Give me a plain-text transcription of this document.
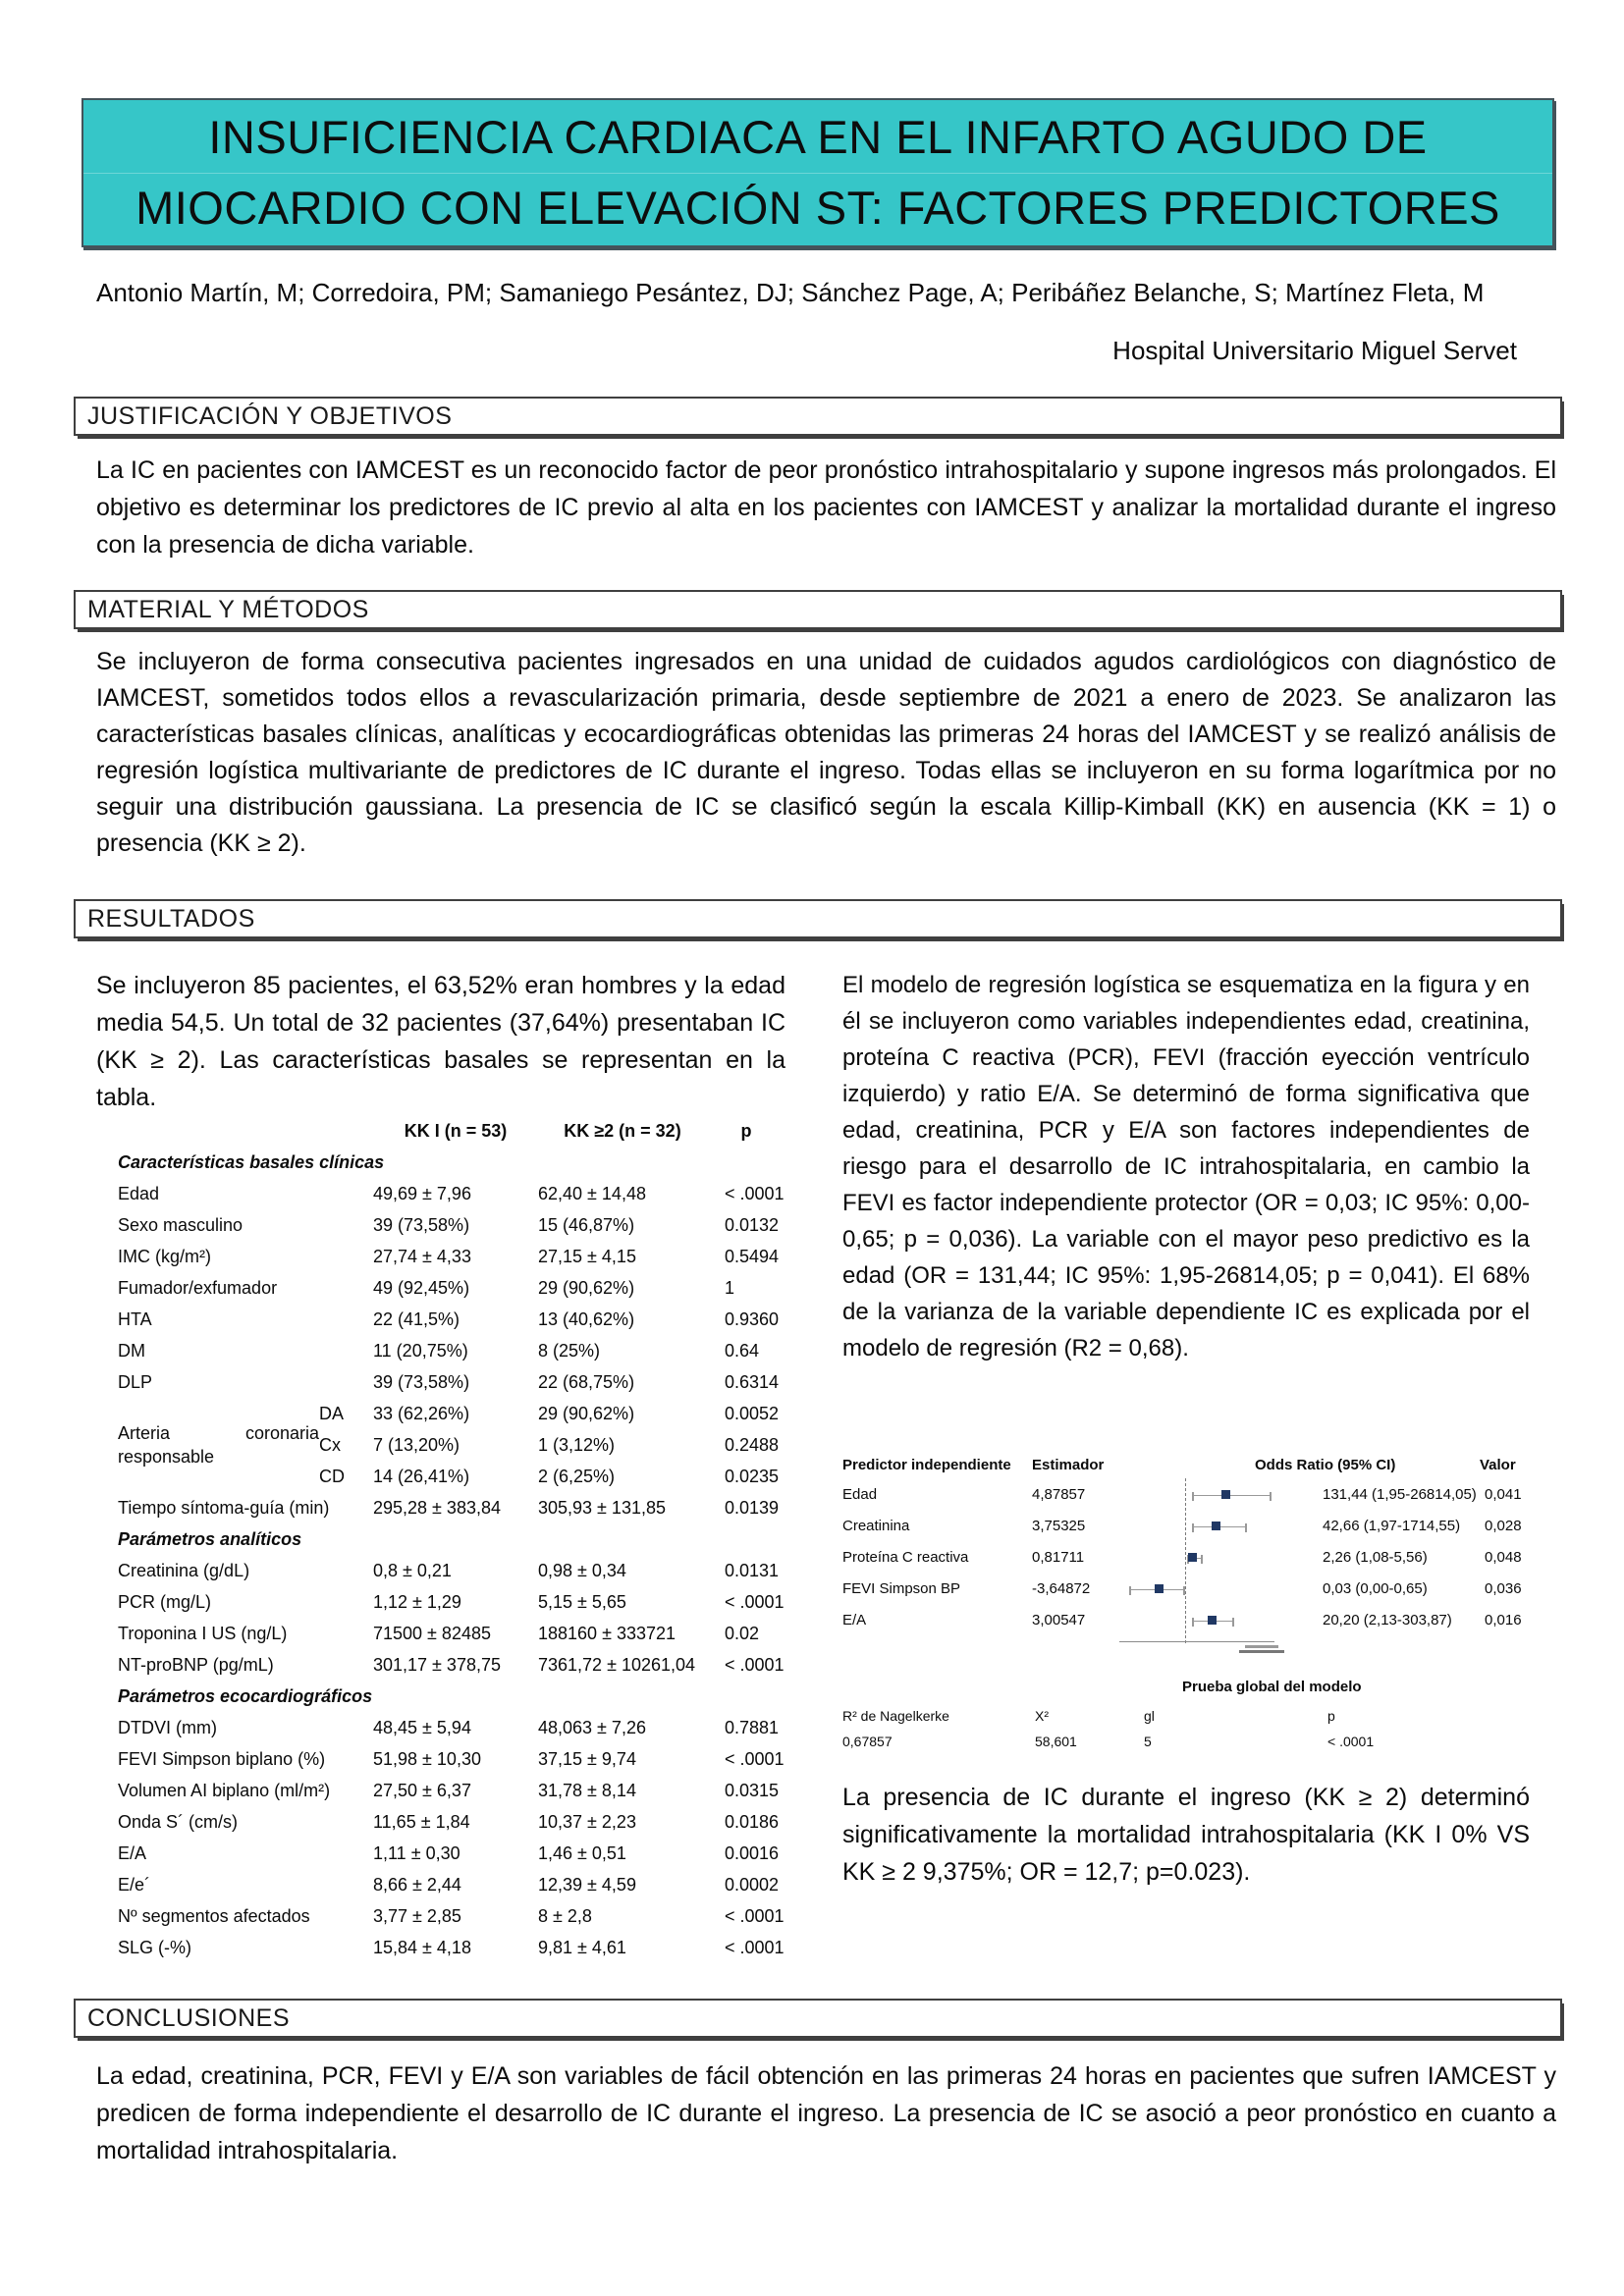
INSUFICIENCIA CARDIACA EN EL INFARTO AGUDO DE
MIOCARDIO CON ELEVACIÓN ST: FACTORES PREDICTORES
Antonio Martín, M; Corredoira, PM; Samaniego Pesántez, DJ; Sánchez Page, A; Peribáñez Belanche, S; Martínez Fleta, M
Hospital Universitario Miguel Servet
JUSTIFICACIÓN Y OBJETIVOS
La IC en pacientes con IAMCEST es un reconocido factor de peor pronóstico intrahospitalario y supone ingresos más prolongados. El objetivo es determinar los predictores de IC previo al alta en los pacientes con IAMCEST y analizar la mortalidad durante el ingreso con la presencia de dicha variable.
MATERIAL Y MÉTODOS
Se incluyeron de forma consecutiva pacientes ingresados en una unidad de cuidados agudos cardiológicos con diagnóstico de IAMCEST, sometidos todos ellos a revascularización primaria, desde septiembre de 2021 a enero de 2023. Se analizaron las características basales clínicas, analíticas y ecocardiográficas obtenidas las primeras 24 horas del IAMCEST y se realizó análisis de regresión logística multivariante de predictores de IC durante el ingreso. Todas ellas se incluyeron en su forma logarítmica por no seguir una distribución gaussiana. La presencia de IC se clasificó según la escala Killip-Kimball (KK) en ausencia (KK = 1) o presencia (KK ≥ 2).
RESULTADOS
Se incluyeron 85 pacientes, el 63,52% eran hombres y la edad media 54,5. Un total de 32 pacientes (37,64%) presentaban IC (KK ≥ 2). Las características basales se representan en la tabla.
El modelo de regresión logística se esquematiza en la figura y en él se incluyeron como variables independientes edad, creatinina, proteína C reactiva (PCR), FEVI (fracción eyección ventrículo izquierdo) y ratio E/A. Se determinó de forma significativa que edad, creatinina, PCR y E/A son factores independientes de riesgo para el desarrollo de IC intrahospitalaria, en cambio la FEVI es factor independiente protector (OR = 0,03; IC 95%: 0,00-0,65; p = 0,036). La variable con el mayor peso predictivo es la edad (OR = 131,44; IC 95%: 1,95-26814,05; p = 0,041). El 68% de la varianza de la variable dependiente IC es explicada por el modelo de regresión (R2 = 0,68).
La presencia de IC durante el ingreso (KK ≥ 2) determinó significativamente la mortalidad intrahospitalaria (KK I 0% VS KK ≥ 2 9,375%; OR = 12,7; p=0.023).
		KK I (n = 53)	KK ≥2 (n = 32)	p
Características basales clínicas				
Edad		49,69 ± 7,96	62,40 ± 14,48	< .0001
Sexo masculino		39 (73,58%)	15 (46,87%)	0.0132
IMC (kg/m²)		27,74 ± 4,33	27,15 ± 4,15	0.5494
Fumador/exfumador		49 (92,45%)	29 (90,62%)	1
HTA		22 (41,5%)	13 (40,62%)	0.9360
DM		11 (20,75%)	8 (25%)	0.64
DLP		39 (73,58%)	22 (68,75%)	0.6314
Arteria coronaria responsable	DA	33 (62,26%)	29 (90,62%)	0.0052
	Cx	7 (13,20%)	1 (3,12%)	0.2488
	CD	14 (26,41%)	2 (6,25%)	0.0235
Tiempo síntoma-guía (min)		295,28 ± 383,84	305,93 ± 131,85	0.0139
Parámetros analíticos				
Creatinina (g/dL)		0,8 ± 0,21	0,98 ± 0,34	0.0131
PCR (mg/L)		1,12 ± 1,29	5,15 ± 5,65	< .0001
Troponina I US (ng/L)		71500 ± 82485	188160 ± 333721	0.02
NT-proBNP (pg/mL)		301,17 ± 378,75	7361,72 ± 10261,04	< .0001
Parámetros ecocardiográficos				
DTDVI (mm)		48,45 ± 5,94	48,063 ± 7,26	0.7881
FEVI Simpson biplano (%)		51,98 ± 10,30	37,15 ± 9,74	< .0001
Volumen AI biplano (ml/m²)		27,50 ± 6,37	31,78 ± 8,14	0.0315
Onda S´ (cm/s)		11,65 ± 1,84	10,37 ± 2,23	0.0186
E/A		1,11 ± 0,30	1,46 ± 0,51	0.0016
E/e´		8,66 ± 2,44	12,39 ± 4,59	0.0002
Nº segmentos afectados		3,77 ± 2,85	8 ± 2,8	< .0001
SLG (-%)		15,84 ± 4,18	9,81 ± 4,61	< .0001
Predictor independiente Estimador	Odds Ratio (95% CI)	Valor
Edad	4,87857	131,44 (1,95-26814,05) 0,041
Creatinina	3,75325	42,66 (1,97-1714,55) 0,028
Proteína C reactiva	0,81711	2,26 (1,08-5,56)	0,048
FEVI Simpson BP	-3,64872	0,03 (0,00-0,65)	0,036
E/A	3,00547	20,20 (2,13-303,87) 0,016
Prueba global del modelo
R² de Nagelkerke	X²	gl	p
0,67857	58,601	5	< .0001
CONCLUSIONES
La edad, creatinina, PCR, FEVI y E/A son variables de fácil obtención en las primeras 24 horas en pacientes que sufren IAMCEST y predicen de forma independiente el desarrollo de IC durante el ingreso. La presencia de IC se asoció a peor pronóstico en cuanto a mortalidad intrahospitalaria.
